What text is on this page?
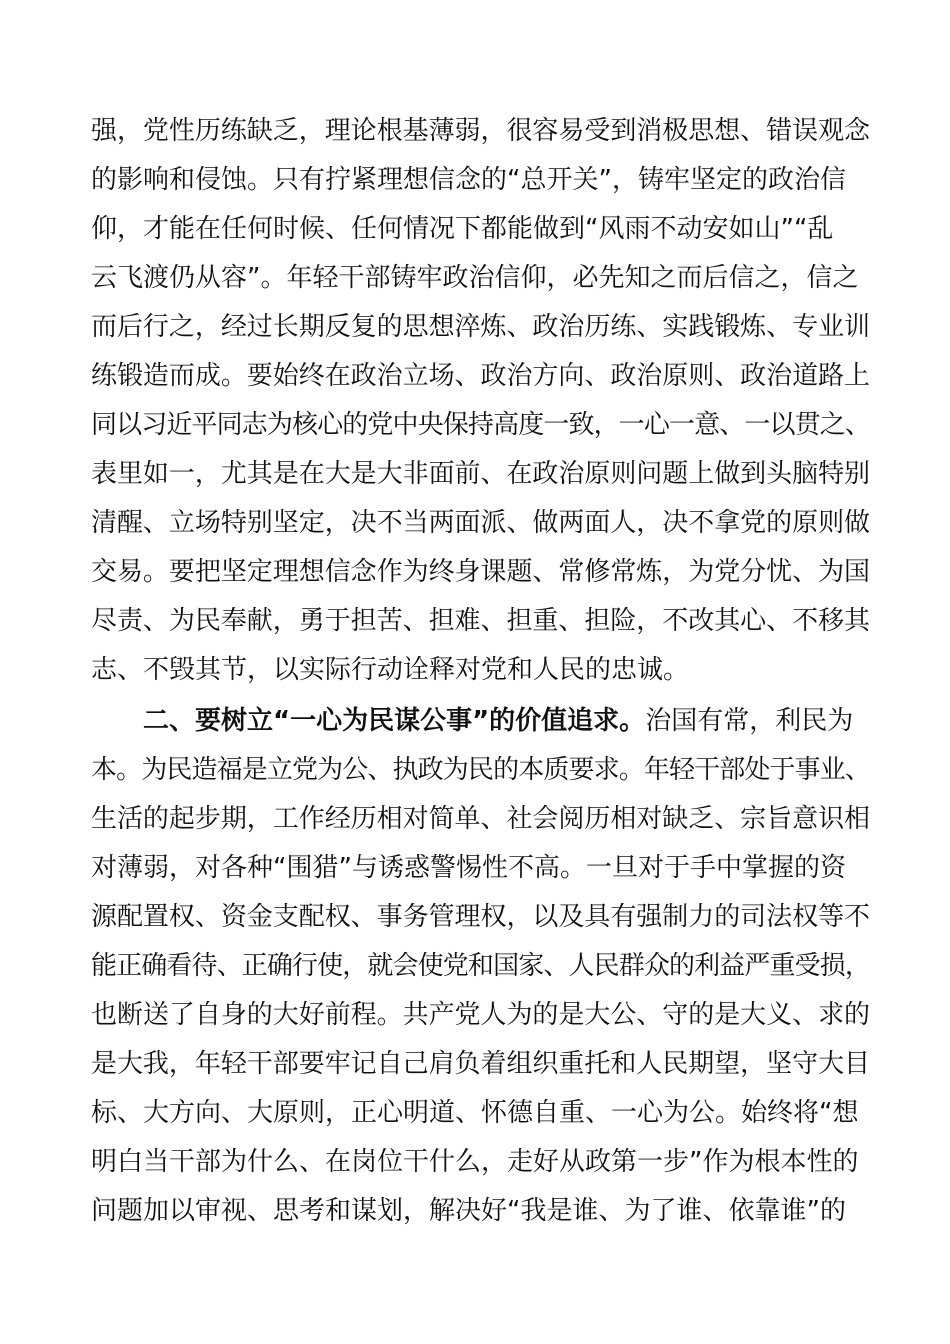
强，党性历练缺乏，理论根基薄弱，很容易受到消极思想、错误观念
的影响和侵蚀。只有拧紧理想信念的“总开关”，铸牢坚定的政治信
仰，才能在任何时候、任何情况下都能做到“风雨不动安如山”“乱
云飞渡仍从容”。年轻干部铸牢政治信仰，必先知之而后信之，信之
而后行之，经过长期反复的思想淬炼、政治历练、实践锻炼、专业训
练锻造而成。要始终在政治立场、政治方向、政治原则、政治道路上
同以习近平同志为核心的党中央保持高度一致，一心一意、一以贯之、
表里如一，尤其是在大是大非面前、在政治原则问题上做到头脑特别
清醒、立场特别坚定，决不当两面派、做两面人，决不拿党的原则做
交易。要把坚定理想信念作为终身课题、常修常炼，为党分忧、为国
尽责、为民奉献，勇于担苦、担难、担重、担险，不改其心、不移其
志、不毁其节，以实际行动诠释对党和人民的忠诚。
二、要树立“一心为民谋公事”的价值追求。治国有常，利民为
本。为民造福是立党为公、执政为民的本质要求。年轻干部处于事业、
生活的起步期，工作经历相对简单、社会阅历相对缺乏、宗旨意识相
对薄弱，对各种“围猎”与诱惑警惕性不高。一旦对于手中掌握的资
源配置权、资金支配权、事务管理权，以及具有强制力的司法权等不
能正确看待、正确行使，就会使党和国家、人民群众的利益严重受损，
也断送了自身的大好前程。共产党人为的是大公、守的是大义、求的
是大我，年轻干部要牢记自己肩负着组织重托和人民期望，坚守大目
标、大方向、大原则，正心明道、怀德自重、一心为公。始终将“想
明白当干部为什么、在岗位干什么，走好从政第一步”作为根本性的
问题加以审视、思考和谋划，解决好“我是谁、为了谁、依靠谁”的
